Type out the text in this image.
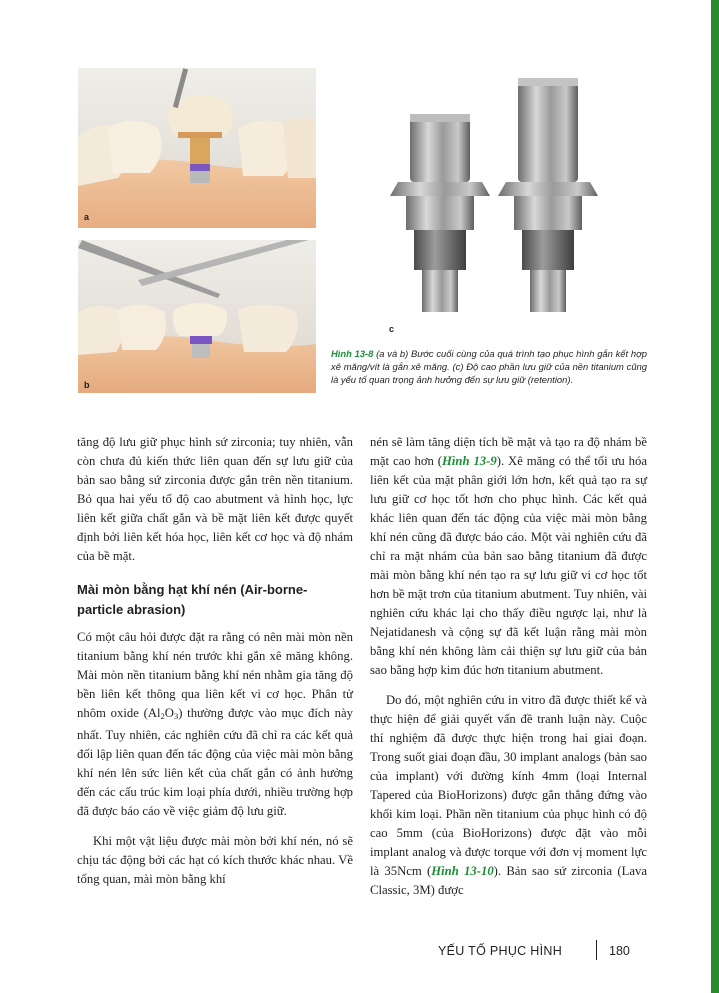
a
b
c
Hình 13-8 (a và b) Bước cuối cùng của quá trình tạo phục hình gắn kết hợp xê măng/vít là gắn xê măng. (c) Độ cao phần lưu giữ của nền titanium cũng là yếu tố quan trọng ảnh hưởng đến sự lưu giữ (retention).

tăng độ lưu giữ phục hình sứ zirconia; tuy nhiên, vẫn còn chưa đủ kiến thức liên quan đến sự lưu giữ của bản sao bằng sứ zirconia được gắn trên nền titanium. Bỏ qua hai yếu tố độ cao abutment và hình học, lực liên kết giữa chất gắn và bề mặt liên kết được quyết định bởi liên kết hóa học, liên kết cơ học và độ nhám của bề mặt.

Mài mòn bằng hạt khí nén (Air-borne-particle abrasion)

Có một câu hỏi được đặt ra rằng có nên mài mòn nền titanium bằng khí nén trước khi gắn xê măng không. Mài mòn nền titanium bằng khí nén nhằm gia tăng độ bền liên kết thông qua liên kết vi cơ học. Phân tử nhôm oxide $(Al_2O_3)$ thường được vào mục đích này nhất. Tuy nhiên, các nghiên cứu đã chỉ ra các kết quả đối lập liên quan đến tác động của việc mài mòn bằng khí nén lên sức liên kết của chất gắn có ảnh hưởng đến các cấu trúc kim loại phía dưới, nhiều trường hợp đã được báo cáo về việc giảm độ lưu giữ.

Khi một vật liệu được mài mòn bởi khí nén, nó sẽ chịu tác động bởi các hạt có kích thước khác nhau. Về tổng quan, mài mòn bằng khí

nén sẽ làm tăng diện tích bề mặt và tạo ra độ nhám bề mặt cao hơn (Hình 13-9). Xê măng có thể tối ưu hóa liên kết của mặt phân giới lớn hơn, kết quả tạo ra sự lưu giữ cơ học tốt hơn cho phục hình. Các kết quả khác liên quan đến tác động của việc mài mòn bằng khí nén cũng đã được báo cáo. Một vài nghiên cứu đã chỉ ra mặt nhám của bản sao bằng titanium đã được mài mòn bằng khí nén tạo ra sự lưu giữ vi cơ học tốt hơn bề mặt trơn của titanium abutment. Tuy nhiên, vài nghiên cứu khác lại cho thấy điều ngược lại, như là Nejatidanesh và cộng sự đã kết luận rằng mài mòn bằng khí nén không làm cải thiện sự lưu giữ của bản sao bằng hợp kim đúc hơn titanium abutment.

Do đó, một nghiên cứu in vitro đã được thiết kế và thực hiện để giải quyết vấn đề tranh luận này. Cuộc thí nghiệm đã được thực hiện trong hai giai đoạn. Trong suốt giai đoạn đầu, 30 implant analogs (bản sao của implant) với đường kính 4mm (loại Internal Tapered của BioHorizons) được gắn thẳng đứng vào khối kim loại. Phần nền titanium của phục hình có độ cao 5mm (của BioHorizons) được đặt vào mỗi implant analog và được torque với đơn vị moment lực là 35Ncm (Hình 13-10). Bản sao sứ zirconia (Lava Classic, 3M) được

YẾU TỐ PHỤC HÌNH	180
